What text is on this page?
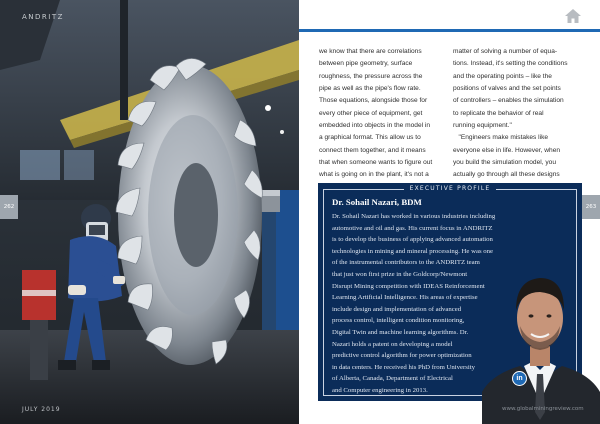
ANDRITZ
JULY 2019
262
we know that there are correlations
between pipe geometry, surface
roughness, the pressure across the
pipe as well as the pipe's flow rate.
Those equations, alongside those for
every other piece of equipment, get
embedded into objects in the model in
a graphical format. This allow us to
connect them together, and it means
that when someone wants to figure out
what is going on in the plant, it's not a
matter of solving a number of equa-
tions. Instead, it's setting the conditions
and the operating points – like the
positions of valves and the set points
of controllers – enables the simulation
to replicate the behavior of real
running equipment."
"Engineers make mistakes like
everyone else in life. However, when
you build the simulation model, you
actually go through all these designs
EXECUTIVE PROFILE
Dr. Sohail Nazari, BDM
Dr. Sohail Nazari has worked in various industries including
automotive and oil and gas. His current focus in ANDRITZ
is to develop the business of applying advanced automation
technologies in mining and mineral processing. He was one
of the instrumental contributors to the ANDRITZ team
that just won first prize in the Goldcorp/Newmont
Disrupt Mining competition with IDEAS Reinforcement
Learning Artificial Intelligence. His areas of expertise
include design and implementation of advanced
process control, intelligent condition monitoring,
Digital Twin and machine learning algorithms. Dr.
Nazari holds a patent on developing a model
predictive control algorithm for power optimization
in data centers. He received his PhD from University
of Alberta, Canada, Department of Electrical
and Computer engineering in 2013.
in
263
www.globalminingreview.com
